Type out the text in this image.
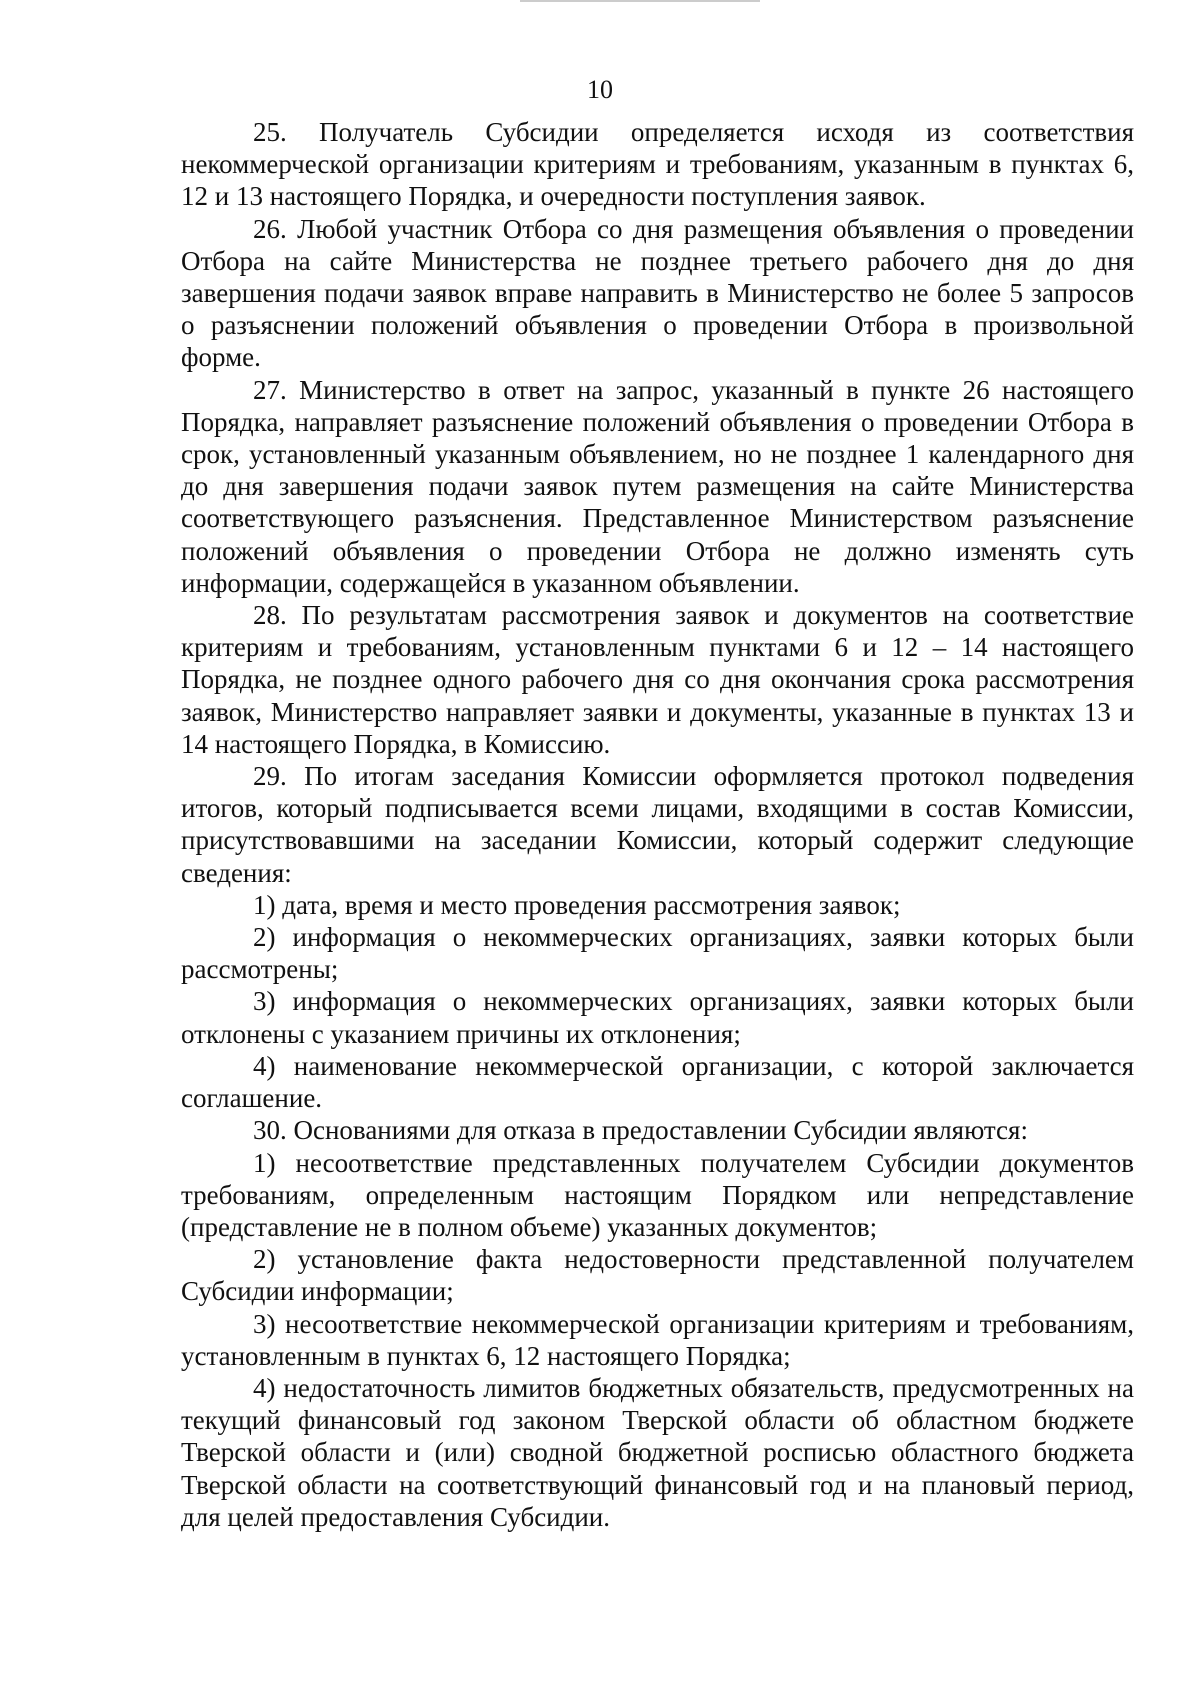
10

25. Получатель Субсидии определяется исходя из соответствия некоммерческой организации критериям и требованиям, указанным в пунктах 6, 12 и 13 настоящего Порядка, и очередности поступления заявок.

26. Любой участник Отбора со дня размещения объявления о проведении Отбора на сайте Министерства не позднее третьего рабочего дня до дня завершения подачи заявок вправе направить в Министерство не более 5 запросов о разъяснении положений объявления о проведении Отбора в произвольной форме.

27. Министерство в ответ на запрос, указанный в пункте 26 настоящего Порядка, направляет разъяснение положений объявления о проведении Отбора в срок, установленный указанным объявлением, но не позднее 1 календарного дня до дня завершения подачи заявок путем размещения на сайте Министерства соответствующего разъяснения. Представленное Министерством разъяснение положений объявления о проведении Отбора не должно изменять суть информации, содержащейся в указанном объявлении.

28. По результатам рассмотрения заявок и документов на соответствие критериям и требованиям, установленным пунктами 6 и 12 – 14 настоящего Порядка, не позднее одного рабочего дня со дня окончания срока рассмотрения заявок, Министерство направляет заявки и документы, указанные в пунктах 13 и 14 настоящего Порядка, в Комиссию.

29. По итогам заседания Комиссии оформляется протокол подведения итогов, который подписывается всеми лицами, входящими в состав Комиссии, присутствовавшими на заседании Комиссии, который содержит следующие сведения:

1) дата, время и место проведения рассмотрения заявок;

2) информация о некоммерческих организациях, заявки которых были рассмотрены;

3) информация о некоммерческих организациях, заявки которых были отклонены с указанием причины их отклонения;

4) наименование некоммерческой организации, с которой заключается соглашение.

30. Основаниями для отказа в предоставлении Субсидии являются:

1) несоответствие представленных получателем Субсидии документов требованиям, определенным настоящим Порядком или непредставление (представление не в полном объеме) указанных документов;

2) установление факта недостоверности представленной получателем Субсидии информации;

3) несоответствие некоммерческой организации критериям и требованиям, установленным в пунктах 6, 12 настоящего Порядка;

4) недостаточность лимитов бюджетных обязательств, предусмотренных на текущий финансовый год законом Тверской области об областном бюджете Тверской области и (или) сводной бюджетной росписью областного бюджета Тверской области на соответствующий финансовый год и на плановый период, для целей предоставления Субсидии.
